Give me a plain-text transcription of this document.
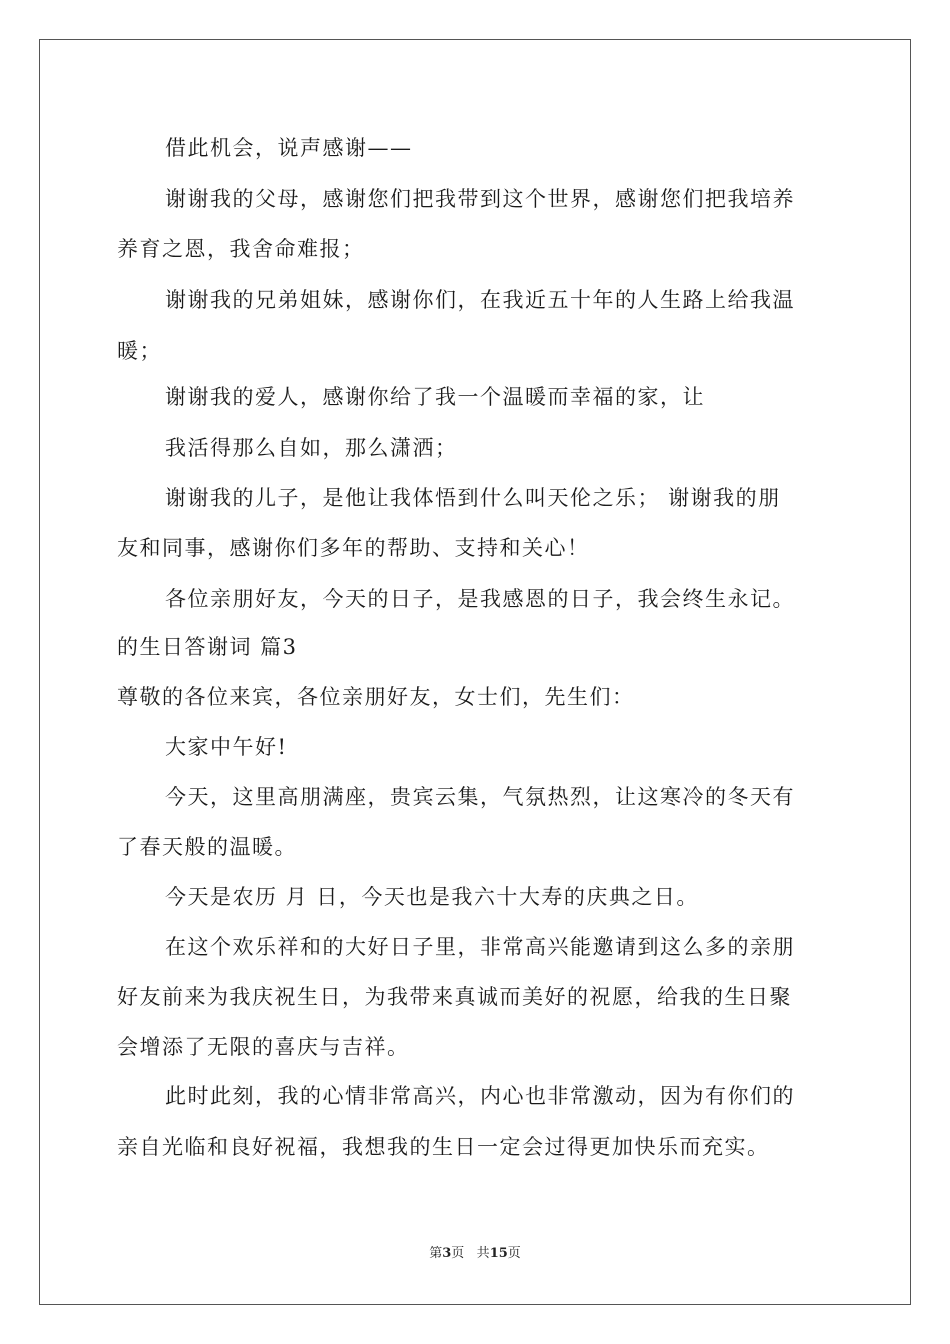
借此机会，说声感谢——
谢谢我的父母，感谢您们把我带到这个世界，感谢您们把我培养
养育之恩，我舍命难报；
谢谢我的兄弟姐妹，感谢你们，在我近五十年的人生路上给我温
暖；
谢谢我的爱人，感谢你给了我一个温暖而幸福的家，让
我活得那么自如，那么潇洒；
谢谢我的儿子，是他让我体悟到什么叫天伦之乐； 谢谢我的朋
友和同事，感谢你们多年的帮助、支持和关心！
各位亲朋好友，今天的日子，是我感恩的日子，我会终生永记。
的生日答谢词 篇3
尊敬的各位来宾，各位亲朋好友，女士们，先生们：
大家中午好!
今天，这里高朋满座，贵宾云集，气氛热烈，让这寒冷的冬天有
了春天般的温暖。
今天是农历 月 日，今天也是我六十大寿的庆典之日。
在这个欢乐祥和的大好日子里，非常高兴能邀请到这么多的亲朋
好友前来为我庆祝生日，为我带来真诚而美好的祝愿，给我的生日聚
会增添了无限的喜庆与吉祥。
此时此刻，我的心情非常高兴，内心也非常激动，因为有你们的
亲自光临和良好祝福，我想我的生日一定会过得更加快乐而充实。
第3页 共15页
